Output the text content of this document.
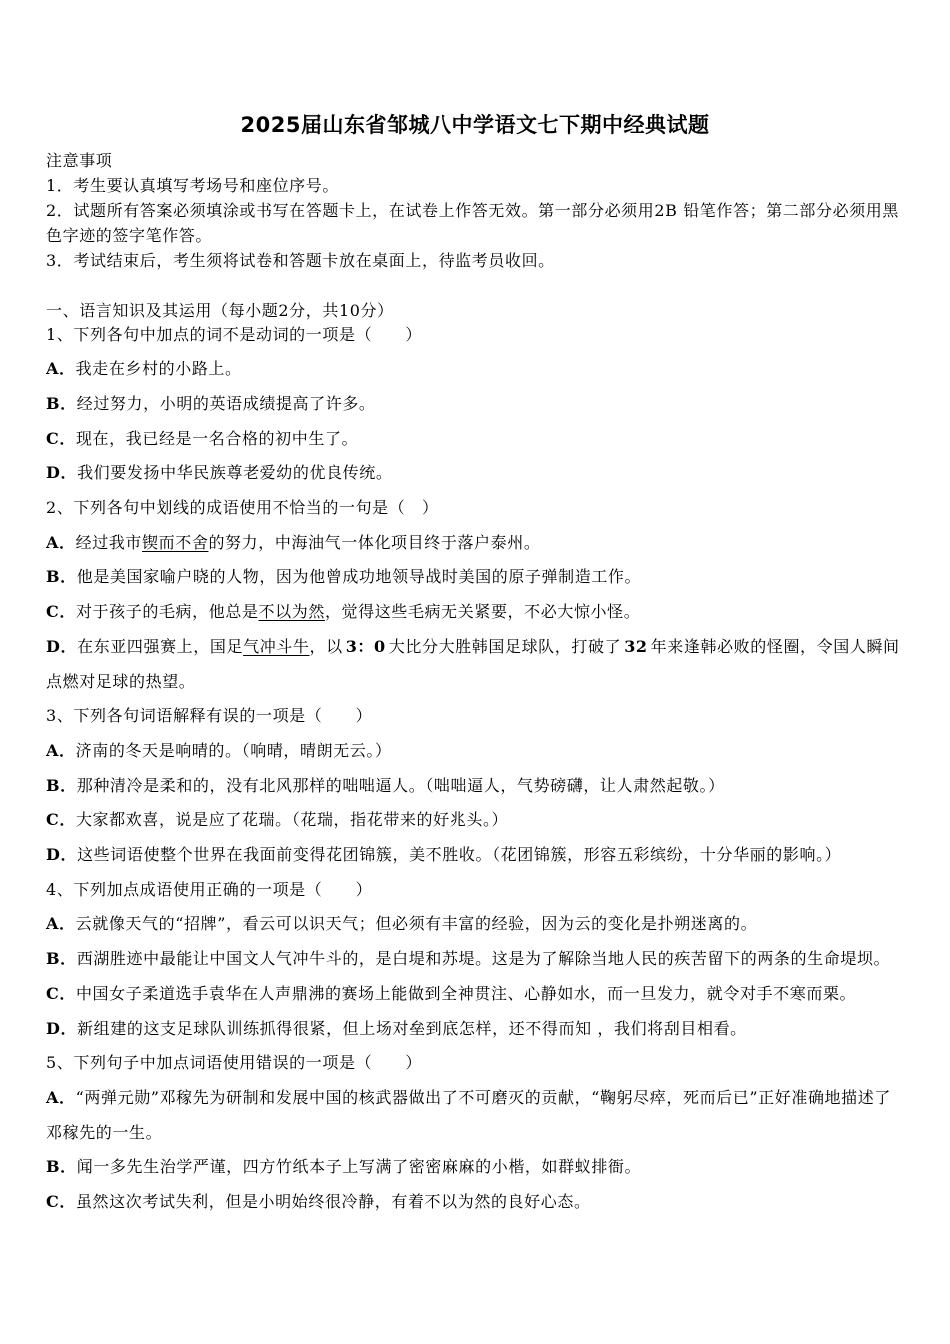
2025届山东省邹城八中学语文七下期中经典试题
注意事项
1．考生要认真填写考场号和座位序号。
2．试题所有答案必须填涂或书写在答题卡上，在试卷上作答无效。第一部分必须用2B 铅笔作答；第二部分必须用黑色字迹的签字笔作答。
3．考试结束后，考生须将试卷和答题卡放在桌面上，待监考员收回。
一、语言知识及其运用（每小题2分，共10分）
1、下列各句中加点的词不是动词的一项是（　　）
A．我走在乡村的小路上。
B．经过努力，小明的英语成绩提高了许多。
C．现在，我已经是一名合格的初中生了。
D．我们要发扬中华民族尊老爱幼的优良传统。
2、下列各句中划线的成语使用不恰当的一句是（　）
A．经过我市锲而不舍的努力，中海油气一体化项目终于落户泰州。
B．他是美国家喻户晓的人物，因为他曾成功地领导战时美国的原子弹制造工作。
C．对于孩子的毛病，他总是不以为然，觉得这些毛病无关紧要，不必大惊小怪。
D．在东亚四强赛上，国足气冲斗牛，以 3：0 大比分大胜韩国足球队，打破了 32 年来逢韩必败的怪圈，令国人瞬间点燃对足球的热望。
3、下列各句词语解释有误的一项是（　　）
A．济南的冬天是响晴的。（响晴，晴朗无云。）
B．那种清冷是柔和的，没有北风那样的咄咄逼人。（咄咄逼人，气势磅礴，让人肃然起敬。）
C．大家都欢喜，说是应了花瑞。（花瑞，指花带来的好兆头。）
D．这些词语使整个世界在我面前变得花团锦簇，美不胜收。（花团锦簇，形容五彩缤纷，十分华丽的影响。）
4、下列加点成语使用正确的一项是（　　）
A．云就像天气的“招牌”，看云可以识天气；但必须有丰富的经验，因为云的变化是扑朔迷离的。
B．西湖胜迹中最能让中国文人气冲牛斗的，是白堤和苏堤。这是为了解除当地人民的疾苦留下的两条的生命堤坝。
C．中国女子柔道选手袁华在人声鼎沸的赛场上能做到全神贯注、心静如水，而一旦发力，就令对手不寒而栗。
D．新组建的这支足球队训练抓得很紧，但上场对垒到底怎样，还不得而知 ，我们将刮目相看。
5、下列句子中加点词语使用错误的一项是（　　）
A．“两弹元勋”邓稼先为研制和发展中国的核武器做出了不可磨灭的贡献，“鞠躬尽瘁，死而后已”正好准确地描述了邓稼先的一生。
B．闻一多先生治学严谨，四方竹纸本子上写满了密密麻麻的小楷，如群蚁排衙。
C．虽然这次考试失利，但是小明始终很冷静，有着不以为然的良好心态。
